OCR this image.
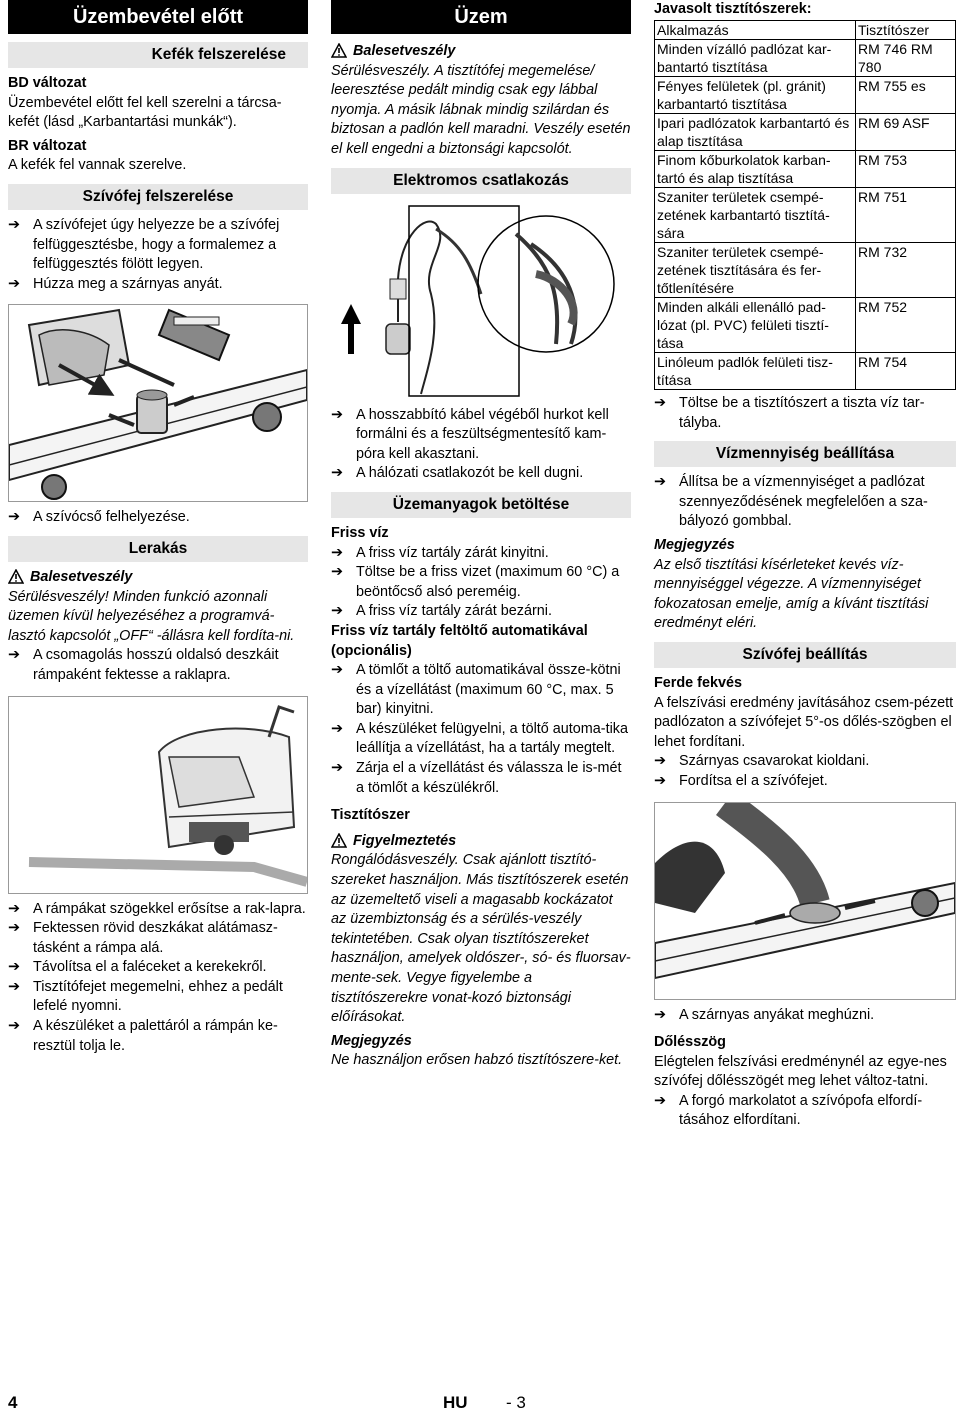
Üzembevétel előtt
Kefék felszerelése

BD változat

Üzembevétel előtt fel kell szerelni a tárcsa-kefét (lásd „Karbantartási munkák“).

BR változat

A kefék fel vannak szerelve.

Szívófej felszerelése
➔ A szívófejet úgy helyezze be a szívófej felfüggesztésbe, hogy a formalemez a felfüggesztés fölött legyen.
➔ Húzza meg a szárnyas anyát.
➔ A szívócső felhelyezése.
Lerakás
Balesetveszély

Sérülésveszély! Minden funkció azonnali üzemen kívül helyezéséhez a programvá-lasztó kapcsolót „OFF“ -állásra kell fordíta-ni.

➔ A csomagolás hosszú oldalsó deszkáit rámpaként fektesse a raklapra.
➔ A rámpákat szögekkel erősítse a rak-lapra.
➔ Fektessen rövid deszkákat alátámasz-tásként a rámpa alá.
➔ Távolítsa el a faléceket a kerekekről.
➔ Tisztítófejet megemelni, ehhez a pedált lefelé nyomni.
➔ A készüléket a palettáról a rámpán ke-resztül tolja le.
Üzem
Balesetveszély

Sérülésveszély. A tisztítófej megemelése/ leeresztése pedált mindig csak egy lábbal nyomja. A másik lábnak mindig szilárdan és biztosan a padlón kell maradni. Veszély esetén el kell engedni a biztonsági kapcsolót.

Elektromos csatlakozás
➔ A hosszabbító kábel végéből hurkot kell formálni és a feszültségmentesítő kam-póra kell akasztani.
➔ A hálózati csatlakozót be kell dugni.
Üzemanyagok betöltése

Friss víz

➔ A friss víz tartály zárát kinyitni.
➔ Töltse be a friss vizet (maximum 60 °C) a beöntőcső alsó pereméig.
➔ A friss víz tartály zárát bezárni.

Friss víz tartály feltöltő automatikával (opcionális)

➔ A tömlőt a töltő automatikával össze-kötni és a vízellátást (maximum 60 °C, max. 5 bar) kinyitni.
➔ A készüléket felügyelni, a töltő automa-tika leállítja a vízellátást, ha a tartály megtelt.
➔ Zárja el a vízellátást és válassza le is-mét a tömlőt a készülékről.

Tisztítószer

Figyelmeztetés

Rongálódásveszély. Csak ajánlott tisztító-szereket használjon. Más tisztítószerek esetén az üzemeltető viseli a magasabb kockázatot az üzembiztonság és a sérülés-veszély tekintetében. Csak olyan tisztítószereket használjon, amelyek oldószer-, só- és fluorsav-mente-sek. Vegye figyelembe a tisztítószerekre vonat-kozó biztonsági előírásokat.

Megjegyzés

Ne használjon erősen habzó tisztítószere-ket.

Javasolt tisztítószerek:

Alkalmazás	Tisztítószer
Minden vízálló padlózat kar-bantartó tisztítása	RM 746 RM 780
Fényes felületek (pl. gránit) karbantartó tisztítása	RM 755 es
Ipari padlózatok karbantartó és alap tisztítása	RM 69 ASF
Finom kőburkolatok karban-tartó és alap tisztítása	RM 753
Szaniter területek csempé-zetének karbantartó tisztítá-sára	RM 751
Szaniter területek csempé-zetének tisztítására és fer-tőtlenítésére	RM 732
Minden alkáli ellenálló pad-lózat (pl. PVC) felületi tisztí-tása	RM 752
Linóleum padlók felületi tisz-títása	RM 754
➔ Töltse be a tisztítószert a tiszta víz tar-tályba.
Vízmennyiség beállítása
➔ Állítsa be a vízmennyiséget a padlózat szennyeződésének megfelelően a sza-bályozó gombbal.

Megjegyzés

Az első tisztítási kísérleteket kevés víz-mennyiséggel végezze. A vízmennyiséget fokozatosan emelje, amíg a kívánt tisztítási eredményt eléri.

Szívófej beállítás

Ferde fekvés

A felszívási eredmény javításához csem-pézett padlózaton a szívófejet 5°-os dőlés-szögben el lehet fordítani.

➔ Szárnyas csavarokat kioldani.
➔ Fordítsa el a szívófejet.
➔ A szárnyas anyákat meghúzni.

Dőlésszög

Elégtelen felszívási eredménynél az egye-nes szívófej dőlésszögét meg lehet változ-tatni.

➔ A forgó markolatot a szívópofa elfordí-tásához elfordítani.
4	HU - 3
